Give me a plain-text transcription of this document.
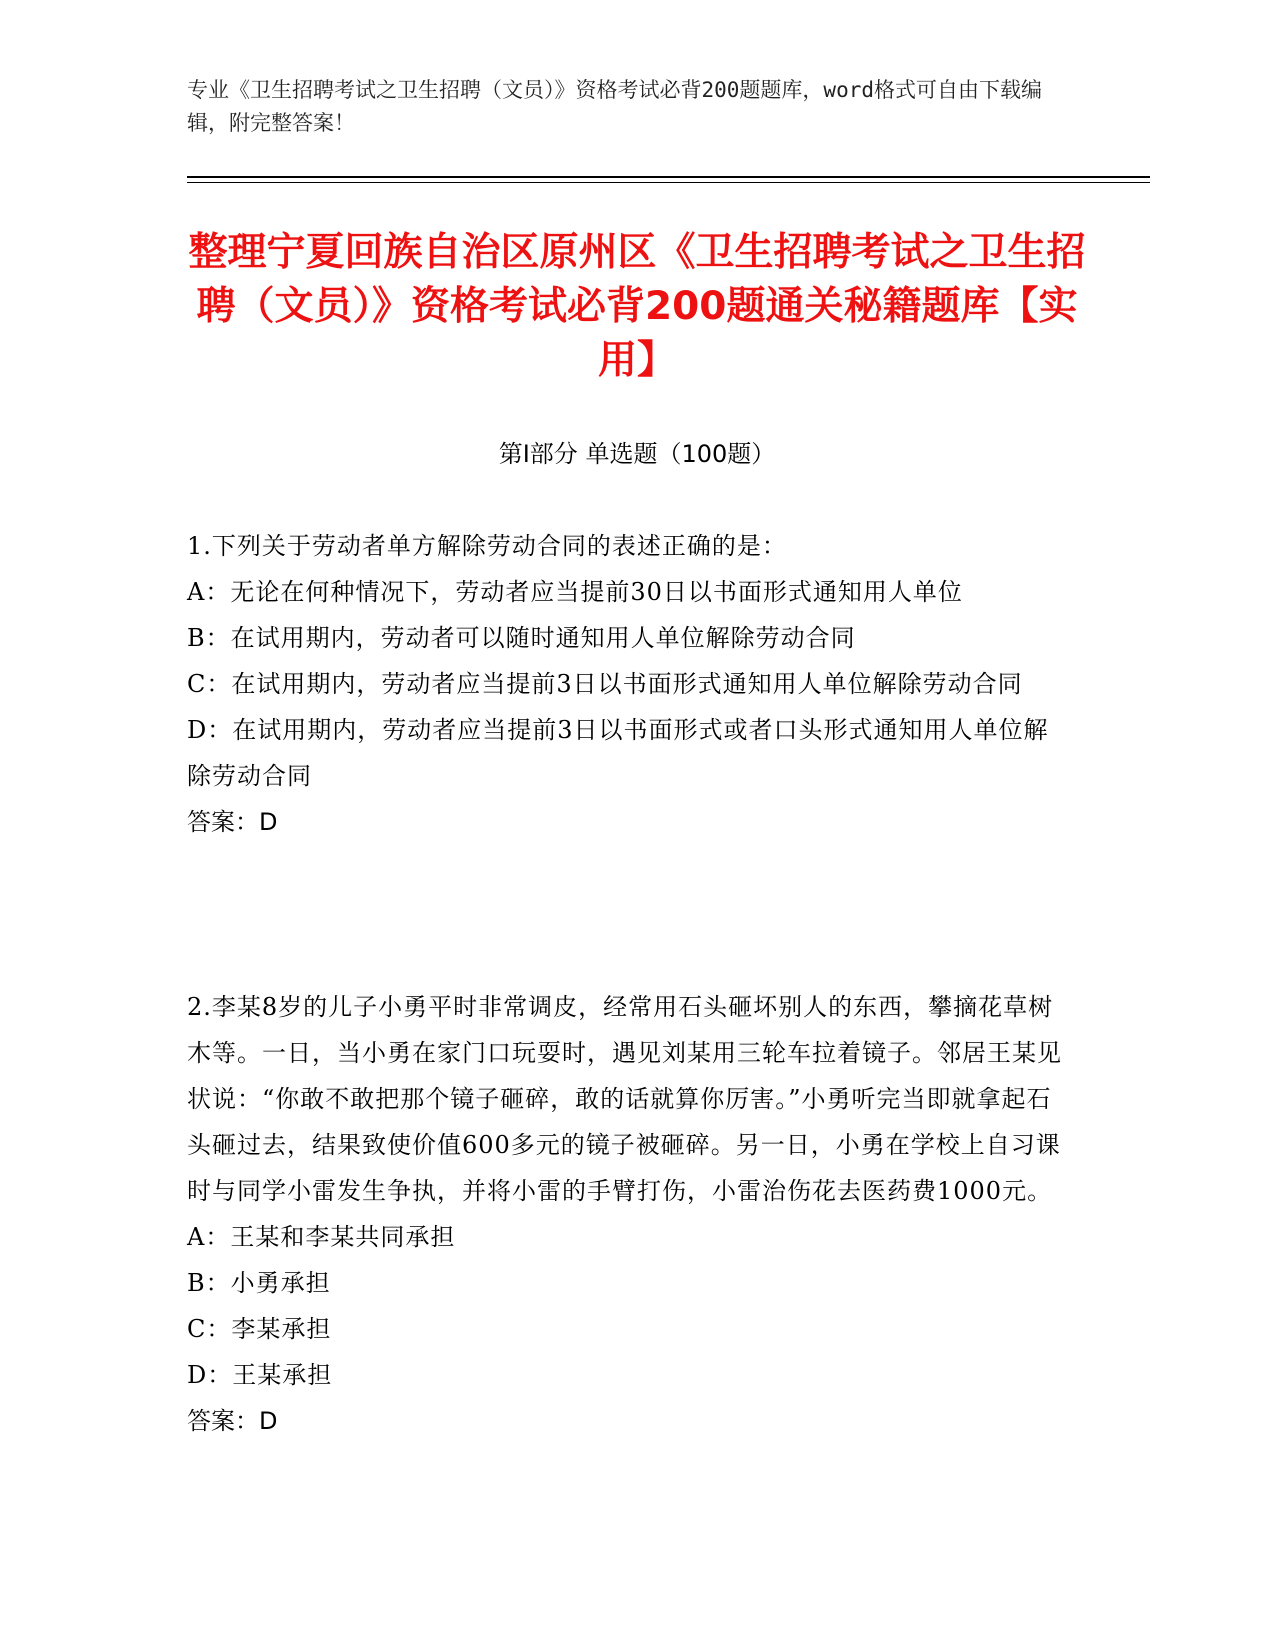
专业《卫生招聘考试之卫生招聘（文员）》资格考试必背200题题库，word格式可自由下载编辑，附完整答案！
整理宁夏回族自治区原州区《卫生招聘考试之卫生招聘（文员）》资格考试必背200题通关秘籍题库【实用】
第Ⅰ部分 单选题（100题）

1.下列关于劳动者单方解除劳动合同的表述正确的是：

A：无论在何种情况下，劳动者应当提前30日以书面形式通知用人单位

B：在试用期内，劳动者可以随时通知用人单位解除劳动合同

C：在试用期内，劳动者应当提前3日以书面形式通知用人单位解除劳动合同

D：在试用期内，劳动者应当提前3日以书面形式或者口头形式通知用人单位解除劳动合同

答案：D

2.李某8岁的儿子小勇平时非常调皮，经常用石头砸坏别人的东西，攀摘花草树木等。一日，当小勇在家门口玩耍时，遇见刘某用三轮车拉着镜子。邻居王某见状说：“你敢不敢把那个镜子砸碎，敢的话就算你厉害。”小勇听完当即就拿起石头砸过去，结果致使价值600多元的镜子被砸碎。另一日，小勇在学校上自习课时与同学小雷发生争执，并将小雷的手臂打伤，小雷治伤花去医药费1000元。

A：王某和李某共同承担

B：小勇承担

C：李某承担

D：王某承担

答案：D
